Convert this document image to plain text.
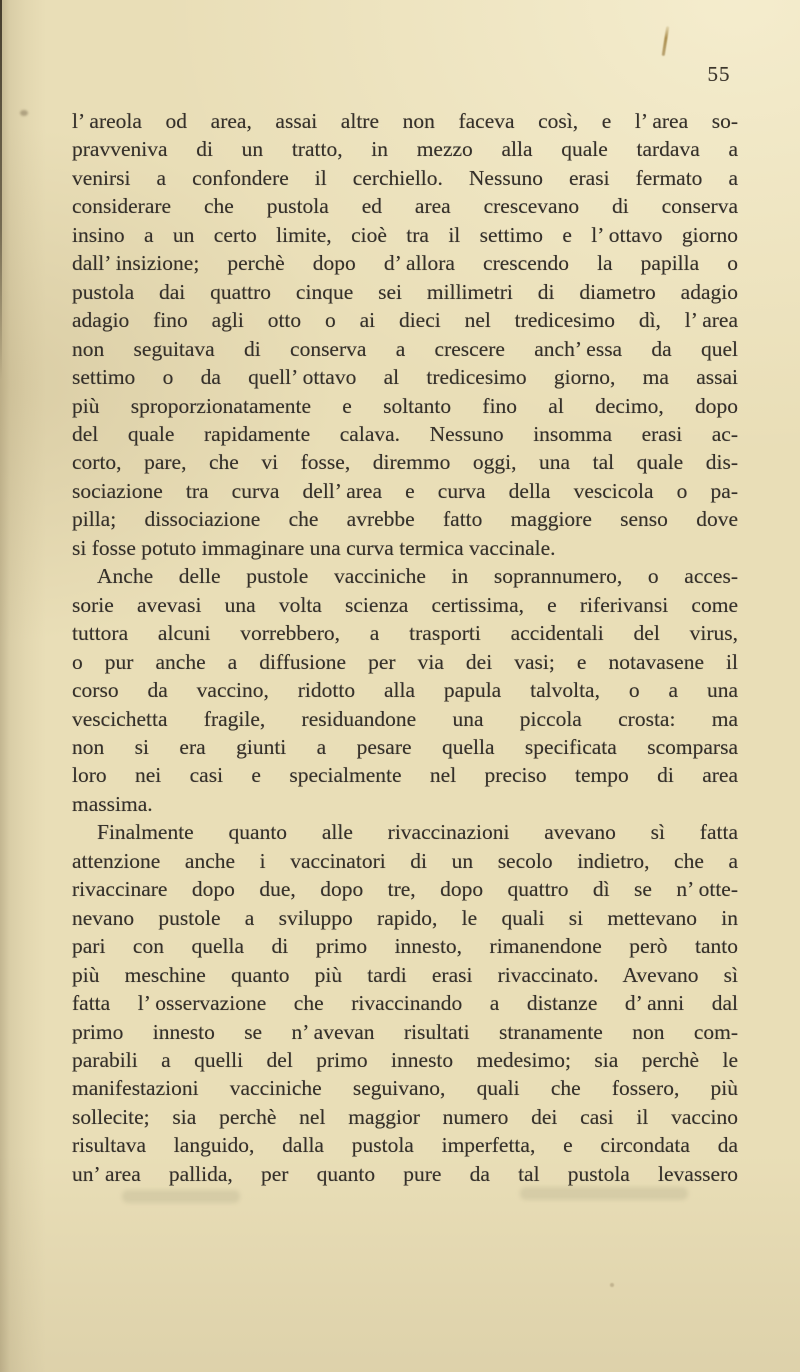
55
l’ areola od area, assai altre non faceva così, e l’ area so-
pravveniva di un tratto, in mezzo alla quale tardava a
venirsi a confondere il cerchiello. Nessuno erasi fermato a
considerare che pustola ed area crescevano di conserva
insino a un certo limite, cioè tra il settimo e l’ ottavo giorno
dall’ insizione; perchè dopo d’ allora crescendo la papilla o
pustola dai quattro cinque sei millimetri di diametro adagio
adagio fino agli otto o ai dieci nel tredicesimo dì, l’ area
non seguitava di conserva a crescere anch’ essa da quel
settimo o da quell’ ottavo al tredicesimo giorno, ma assai
più sproporzionatamente e soltanto fino al decimo, dopo
del quale rapidamente calava. Nessuno insomma erasi ac-
corto, pare, che vi fosse, diremmo oggi, una tal quale dis-
sociazione tra curva dell’ area e curva della vescicola o pa-
pilla; dissociazione che avrebbe fatto maggiore senso dove
si fosse potuto immaginare una curva termica vaccinale.
Anche delle pustole vacciniche in soprannumero, o acces-
sorie avevasi una volta scienza certissima, e riferivansi come
tuttora alcuni vorrebbero, a trasporti accidentali del virus,
o pur anche a diffusione per via dei vasi; e notavasene il
corso da vaccino, ridotto alla papula talvolta, o a una
vescichetta fragile, residuandone una piccola crosta: ma
non si era giunti a pesare quella specificata scomparsa
loro nei casi e specialmente nel preciso tempo di area
massima.
Finalmente quanto alle rivaccinazioni avevano sì fatta
attenzione anche i vaccinatori di un secolo indietro, che a
rivaccinare dopo due, dopo tre, dopo quattro dì se n’ otte-
nevano pustole a sviluppo rapido, le quali si mettevano in
pari con quella di primo innesto, rimanendone però tanto
più meschine quanto più tardi erasi rivaccinato. Avevano sì
fatta l’ osservazione che rivaccinando a distanze d’ anni dal
primo innesto se n’ avevan risultati stranamente non com-
parabili a quelli del primo innesto medesimo; sia perchè le
manifestazioni vacciniche seguivano, quali che fossero, più
sollecite; sia perchè nel maggior numero dei casi il vaccino
risultava languido, dalla pustola imperfetta, e circondata da
un’ area pallida, per quanto pure da tal pustola levassero
